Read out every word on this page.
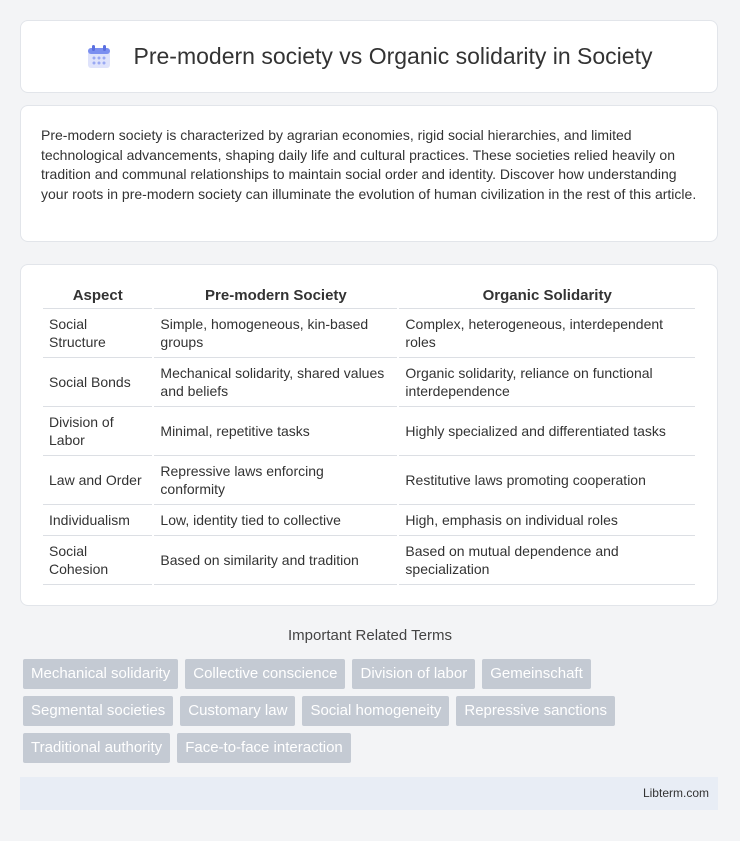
Pre-modern society vs Organic solidarity in Society

Pre-modern society is characterized by agrarian economies, rigid social hierarchies, and limited technological advancements, shaping daily life and cultural practices. These societies relied heavily on tradition and communal relationships to maintain social order and identity. Discover how understanding your roots in pre-modern society can illuminate the evolution of human civilization in the rest of this article.

Aspect	Pre-modern Society	Organic Solidarity
Social Structure	Simple, homogeneous, kin-based groups	Complex, heterogeneous, interdependent roles
Social Bonds	Mechanical solidarity, shared values and beliefs	Organic solidarity, reliance on functional interdependence
Division of Labor	Minimal, repetitive tasks	Highly specialized and differentiated tasks
Law and Order	Repressive laws enforcing conformity	Restitutive laws promoting cooperation
Individualism	Low, identity tied to collective	High, emphasis on individual roles
Social Cohesion	Based on similarity and tradition	Based on mutual dependence and specialization
Important Related Terms
Mechanical solidarity	Collective conscience	Division of labor	Gemeinschaft
Segmental societies	Customary law	Social homogeneity	Repressive sanctions
Traditional authority	Face-to-face interaction
Libterm.com
